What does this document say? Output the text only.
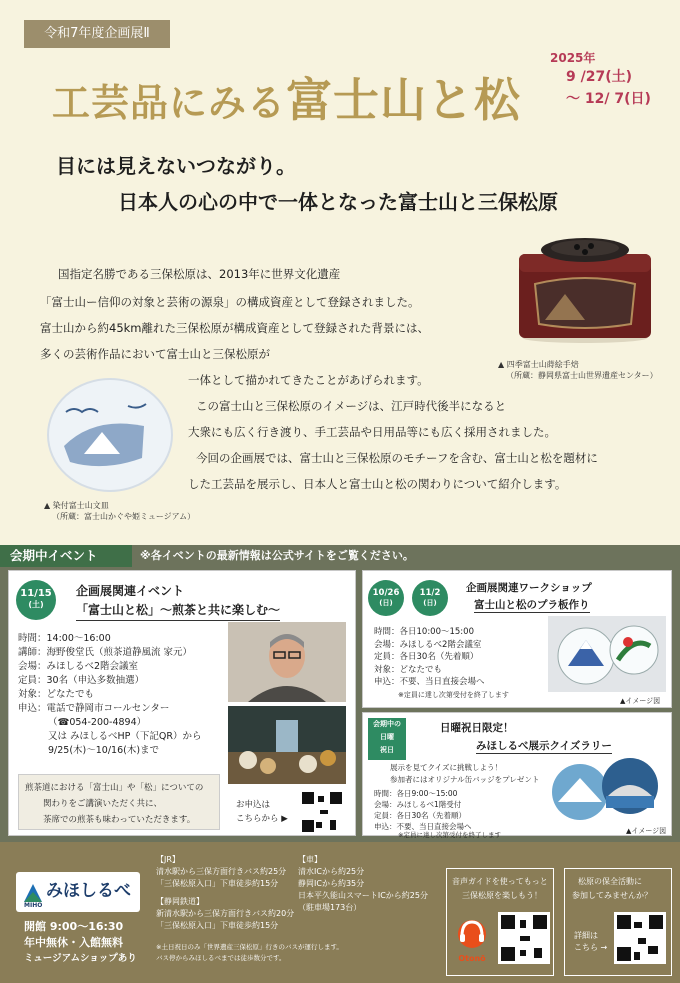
令和7年度企画展Ⅱ
工芸品にみる富士山と松
2025年
9 /27(土)
～ 12/ 7(日)
目には見えないつながり。
日本人の心の中で一体となった富士山と三保松原

国指定名勝である三保松原は、2013年に世界文化遺産

「富士山ー信仰の対象と芸術の源泉」の構成資産として登録されました。

富士山から約45km離れた三保松原が構成資産として登録された背景には、

多くの芸術作品において富士山と三保松原が

一体として描かれてきたことがあげられます。

この富士山と三保松原のイメージは、江戸時代後半になると

大衆にも広く行き渡り、手工芸品や日用品等にも広く採用されました。

今回の企画展では、富士山と三保松原のモチーフを含む、富士山と松を題材に

した工芸品を展示し、日本人と富士山と松の関わりについて紹介します。

▲ 四季富士山蒔絵手焙
（所蔵：静岡県富士山世界遺産センター）
▲ 染付富士山文皿
（所蔵：富士山かぐや姫ミュージアム）
会期中イベント	※各イベントの最新情報は公式サイトをご覧ください。
11/15
(土)
企画展関連イベント
「富士山と松」～煎茶と共に楽しむ～
時間：14:00～16:00
講師：海野俊堂氏（煎茶道静風流 家元）
会場：みほしるべ2階会議室
定員：30名（申込多数抽選）
対象：どなたでも
申込：電話で静岡市コールセンター
（☎054-200-4894）
又は みほしるべHP（下記QR）から
9/25(木)～10/16(木)まで
煎茶道における「富士山」や「松」についての
関わりをご講演いただく共に、
茶席での煎茶も味わっていただきます。
お申込は
こちらから ▶
10/26
(日)
11/2
(日)
企画展関連ワークショップ
富士山と松のプラ板作り
時間：各日10:00～15:00
会場：みほしるべ2階会議室
定員：各日30名（先着順）
対象：どなたでも
申込：不要、当日直接会場へ
※定員に達し次第受付を終了します
▲イメージ図
会期中の
日曜
祝日
日曜祝日限定！
みほしるべ展示クイズラリー
展示を見てクイズに挑戦しよう！
参加者にはオリジナル缶バッジをプレゼント
時間：各日9:00～15:00
会場：みほしるべ1階受付
定員：各日30名（先着順）
申込：不要、当日直接会場へ
※定員に達し次第受付を終了します	▲イメージ図
みほしるべ
MIHO
開館 9:00～16:30
年中無休・入館無料
ミュージアムショップあり
【JR】
清水駅から三保方面行きバス約25分
「三保松原入口」下車徒歩約15分
【静岡鉄道】
新清水駅から三保方面行きバス約20分
「三保松原入口」下車徒歩約15分
【車】
清水ICから約25分
静岡ICから約35分
日本平久能山スマートICから約25分
（駐車場173台）
※土日祝日のみ「世界遺産三保松原」行きのバスが運行します。
バス停からみほしるべまでは徒歩数分です。
音声ガイドを使ってもっと
三保松原を楽しもう！
Otonō
松原の保全活動に
参加してみませんか？
詳細は
こちら →
